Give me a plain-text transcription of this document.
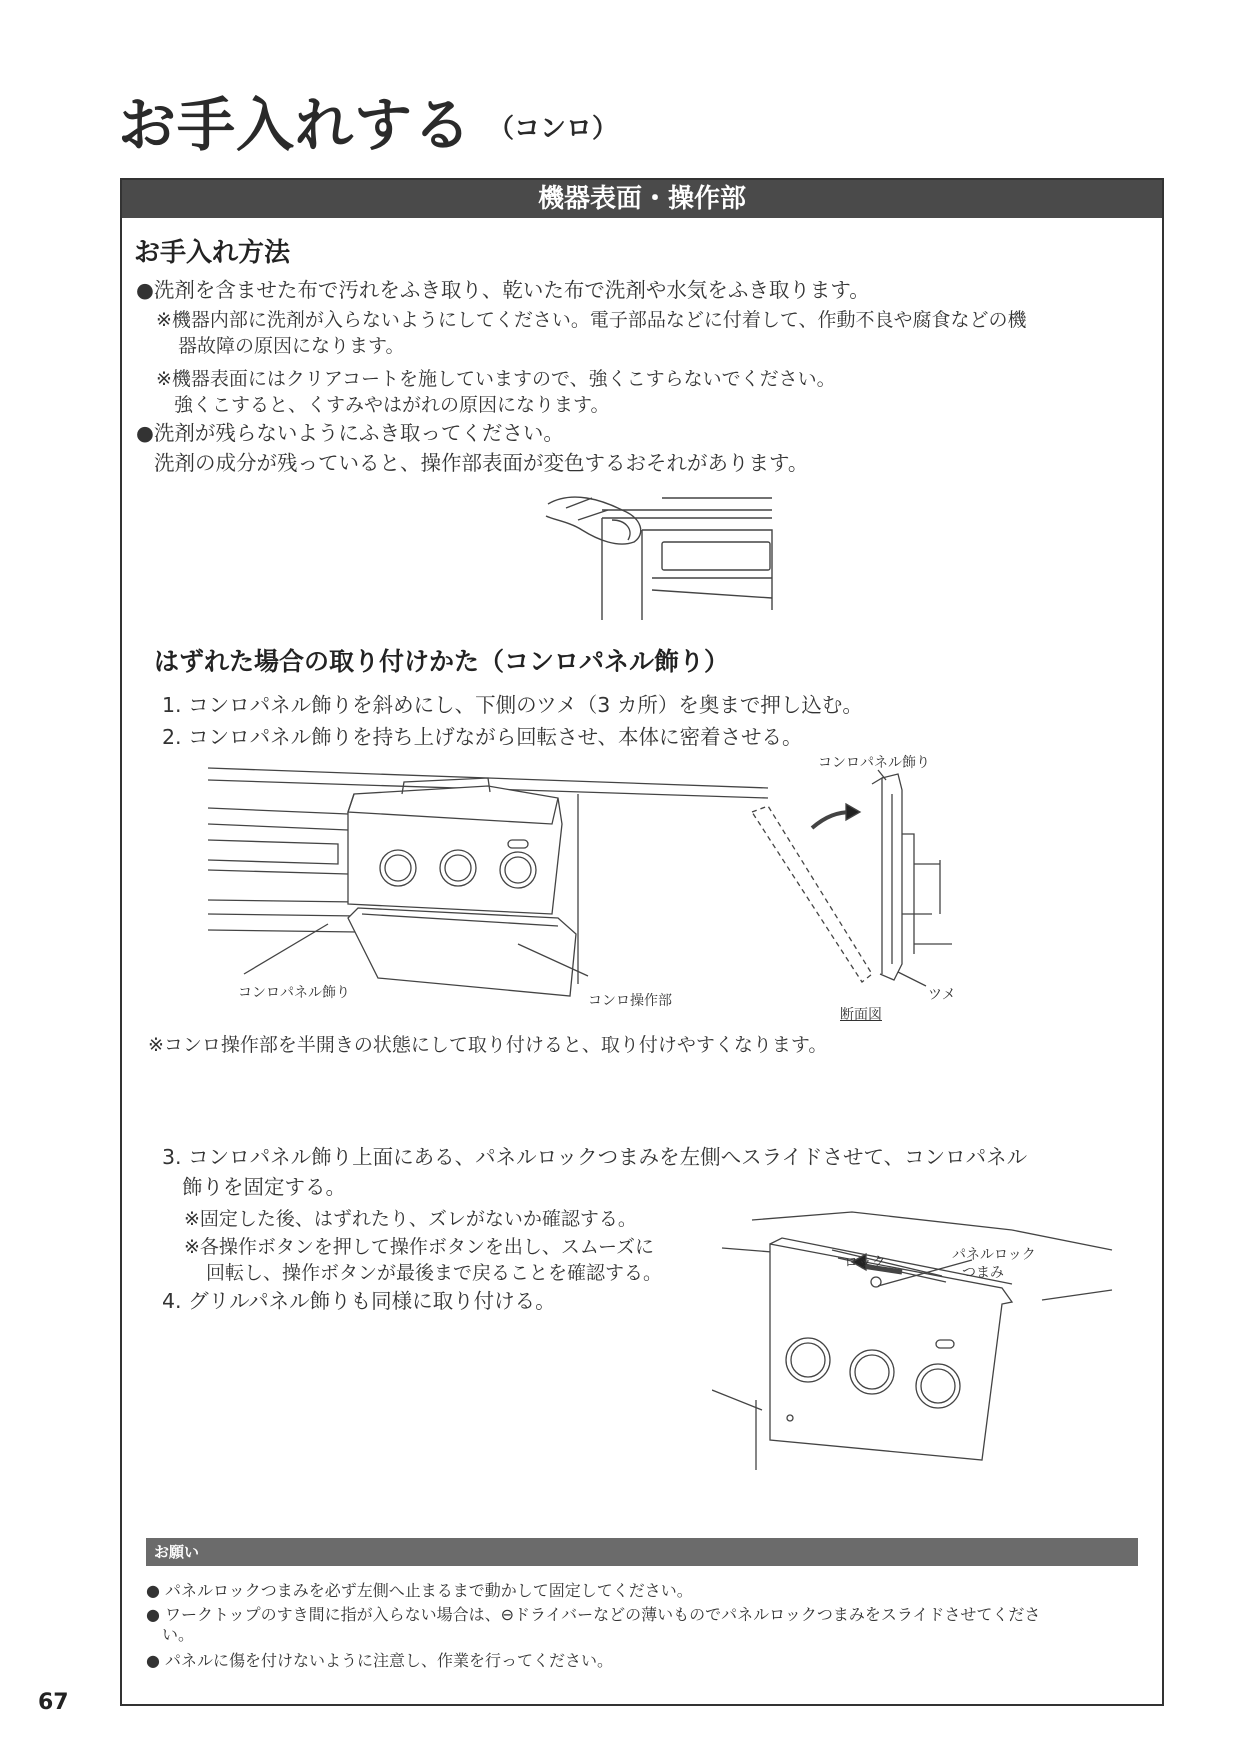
お手入れする （コンロ）
機器表面・操作部
お手入れ方法
●洗剤を含ませた布で汚れをふき取り、乾いた布で洗剤や水気をふき取ります。
※機器内部に洗剤が入らないようにしてください。電子部品などに付着して、作動不良や腐食などの機
器故障の原因になります。
※機器表面にはクリアコートを施していますので、強くこすらないでください。
強くこすると、くすみやはがれの原因になります。
●洗剤が残らないようにふき取ってください。
洗剤の成分が残っていると、操作部表面が変色するおそれがあります。
はずれた場合の取り付けかた（コンロパネル飾り）
1. コンロパネル飾りを斜めにし、下側のツメ（3 カ所）を奥まで押し込む。
2. コンロパネル飾りを持ち上げながら回転させ、本体に密着させる。
コンロパネル飾り	コンロ操作部
コンロパネル飾り
ツメ
断面図
※コンロ操作部を半開きの状態にして取り付けると、取り付けやすくなります。
3. コンロパネル飾り上面にある、パネルロックつまみを左側へスライドさせて、コンロパネル
飾りを固定する。
※固定した後、はずれたり、ズレがないか確認する。
※各操作ボタンを押して操作ボタンを出し、スムーズに
回転し、操作ボタンが最後まで戻ることを確認する。
4. グリルパネル飾りも同様に取り付ける。
ロック	パネルロック
つまみ
お願い
● パネルロックつまみを必ず左側へ止まるまで動かして固定してください。
● ワークトップのすき間に指が入らない場合は、⊖ドライバーなどの薄いものでパネルロックつまみをスライドさせてくださ
い。
● パネルに傷を付けないように注意し、作業を行ってください。
67
